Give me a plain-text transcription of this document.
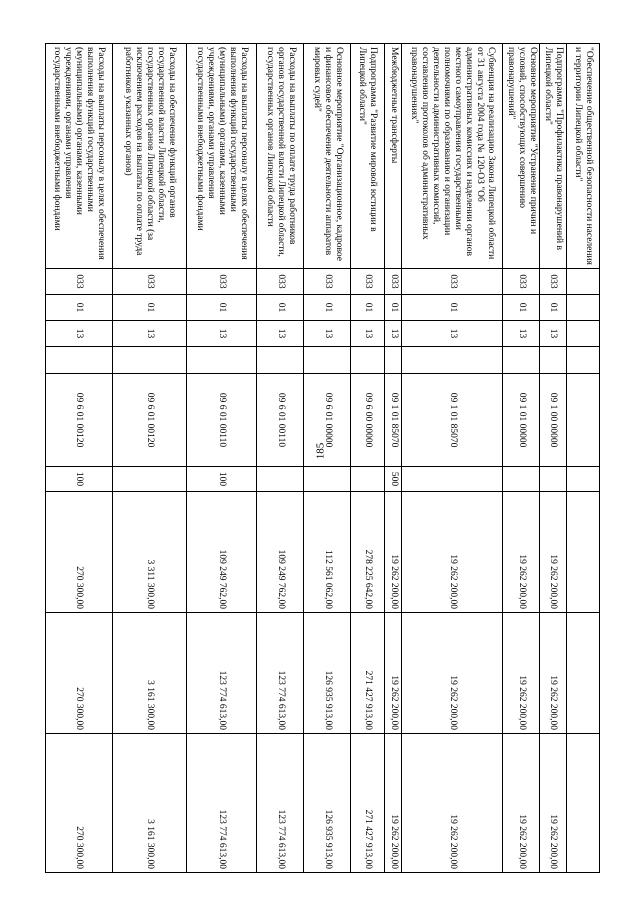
185
"Обеспечение общественной безопасности населения и территории Липецкой области"									
Подпрограмма "Профилактика правонарушений в Липецкой области"	033	01	13		09 1 00 00000		19 262 200,00	19 262 200,00	19 262 200,00
Основное мероприятие "Устранение причин и условий, способствующих совершению правонарушений"	033	01	13		09 1 01 00000		19 262 200,00	19 262 200,00	19 262 200,00
Субвенция на реализацию Закона Липецкой области от 31 августа 2004 года № 120-ОЗ "Об административных комиссиях и наделении органов местного самоуправления государственными полномочиями по образованию и организации деятельности административных комиссий, составлению протоколов об административных правонарушениях"	033	01	13		09 1 01 85070		19 262 200,00	19 262 200,00	19 262 200,00
Межбюджетные трансферты	033	01	13		09 1 01 85070	500	19 262 200,00	19 262 200,00	19 262 200,00
Подпрограмма "Развитие мировой юстиции в Липецкой области"	033	01	13		09 6 00 00000		278 225 642,00	271 427 913,00	271 427 913,00
Основное мероприятие "Организационное, кадровое и финансовое обеспечение деятельности аппаратов мировых судей"	033	01	13		09 6 01 00000		112 561 062,00	126 935 913,00	126 935 913,00
Расходы на выплаты по оплате труда работников органов государственной власти Липецкой области, государственных органов Липецкой области	033	01	13		09 6 01 00110		109 249 762,00	123 774 613,00	123 774 613,00
Расходы на выплаты персоналу в целях обеспечения выполнения функций государственными (муниципальными) органами, казенными учреждениями, органами управления государственными внебюджетными фондами	033	01	13		09 6 01 00110	100	109 249 762,00	123 774 613,00	123 774 613,00
Расходы на обеспечение функций органов государственной власти Липецкой области, государственных органов Липецкой области (за исключением расходов на выплаты по оплате труда работников указанных органов)	033	01	13		09 6 01 00120		3 311 300,00	3 161 300,00	3 161 300,00
Расходы на выплаты персоналу в целях обеспечения выполнения функций государственными (муниципальными) органами, казенными учреждениями, органами управления государственными внебюджетными фондами	033	01	13		09 6 01 00120	100	270 300,00	270 300,00	270 300,00
